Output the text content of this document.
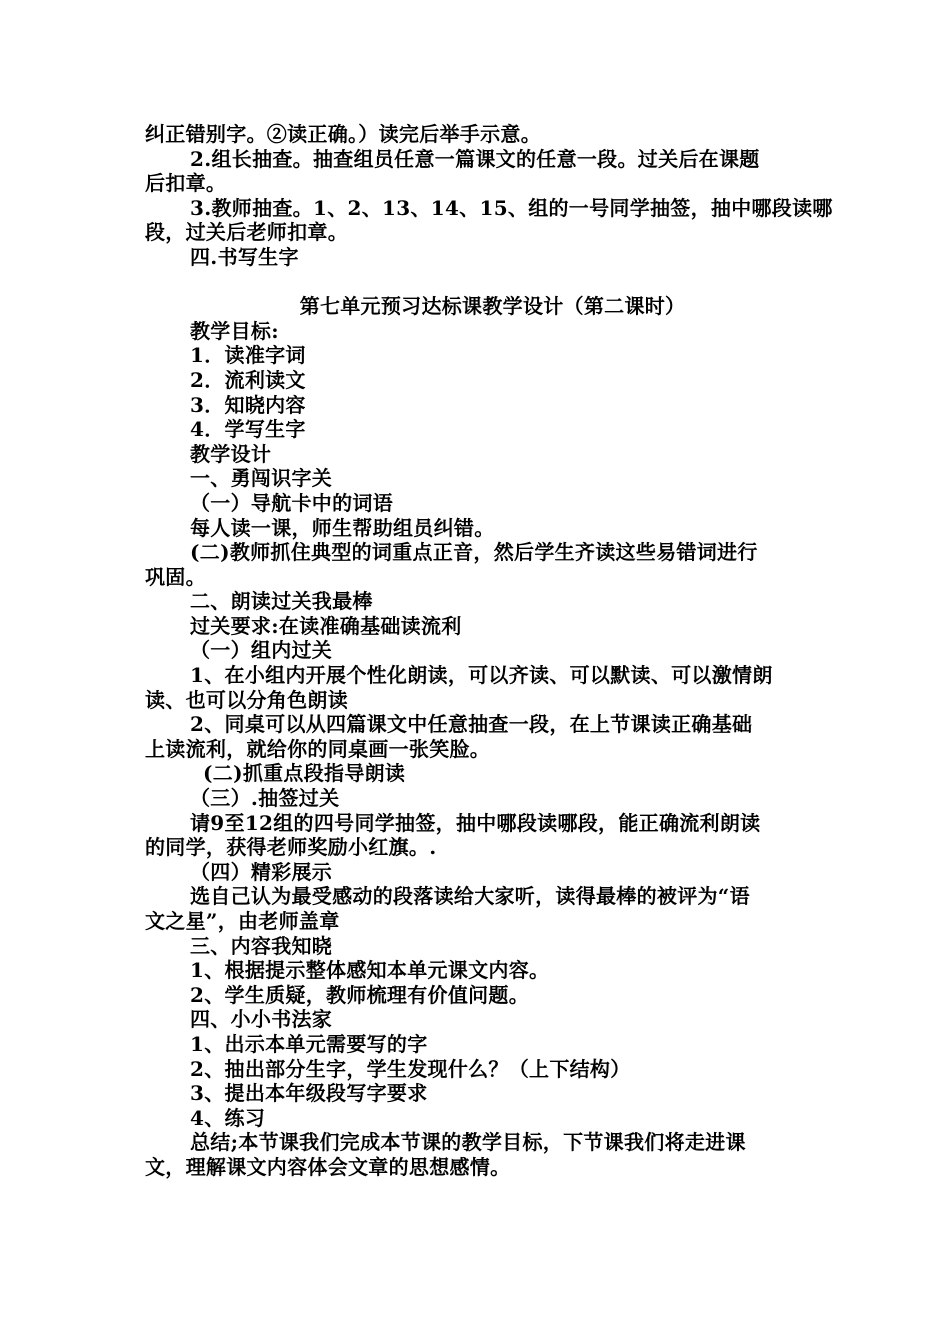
纠正错别字。②读正确。）读完后举手示意。
2.组长抽查。抽查组员任意一篇课文的任意一段。过关后在课题
后扣章。
3.教师抽查。1、2、13、14、15、组的一号同学抽签，抽中哪段读哪
段，过关后老师扣章。
四.书写生字
第七单元预习达标课教学设计（第二课时）
教学目标:
1．读准字词
2．流利读文
3．知晓内容
4．学写生字
教学设计
一、勇闯识字关
（一）导航卡中的词语
每人读一课，师生帮助组员纠错。
(二)教师抓住典型的词重点正音，然后学生齐读这些易错词进行
巩固。
二、朗读过关我最棒
过关要求:在读准确基础读流利
（一）组内过关
1、在小组内开展个性化朗读，可以齐读、可以默读、可以激情朗
读、也可以分角色朗读
2、同桌可以从四篇课文中任意抽查一段，在上节课读正确基础
上读流利，就给你的同桌画一张笑脸。
(二)抓重点段指导朗读
（三）.抽签过关
请9至12组的四号同学抽签，抽中哪段读哪段，能正确流利朗读
的同学，获得老师奖励小红旗。.
（四）精彩展示
选自己认为最受感动的段落读给大家听，读得最棒的被评为“语
文之星”，由老师盖章
三、内容我知晓
1、根据提示整体感知本单元课文内容。
2、学生质疑，教师梳理有价值问题。
四、小小书法家
1、出示本单元需要写的字
2、抽出部分生字，学生发现什么？（上下结构）
3、提出本年级段写字要求
4、练习
总结;本节课我们完成本节课的教学目标，下节课我们将走进课
文，理解课文内容体会文章的思想感情。
